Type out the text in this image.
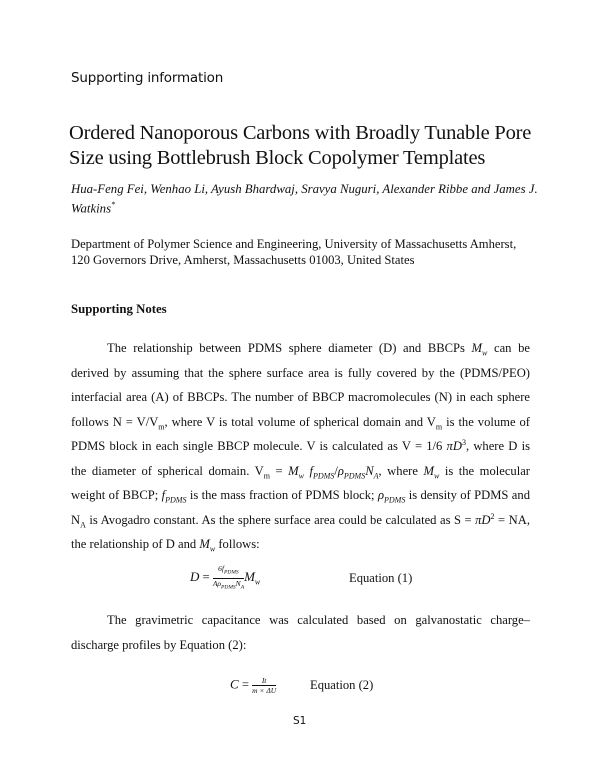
Supporting information

Ordered Nanoporous Carbons with Broadly Tunable Pore Size using Bottlebrush Block Copolymer Templates

Hua-Feng Fei, Wenhao Li, Ayush Bhardwaj, Sravya Nuguri, Alexander Ribbe and James J. Watkins*

Department of Polymer Science and Engineering, University of Massachusetts Amherst, 120 Governors Drive, Amherst, Massachusetts 01003, United States

Supporting Notes

The relationship between PDMS sphere diameter (D) and BBCPs $M_w$ can be derived by assuming that the sphere surface area is fully covered by the (PDMS/PEO) interfacial area (A) of BBCPs. The number of BBCP macromolecules (N) in each sphere follows $N = V/V_m$, where V is total volume of spherical domain and $V_m$ is the volume of PDMS block in each single BBCP molecule. V is calculated as V = 1/6 $\pi D^3$, where D is the diameter of spherical domain. $V_m = M_w$ $f_{PDMS}/\rho_{PDMS}N_A$, where $M_w$ is the molecular weight of BBCP; $f_{PDMS}$ is the mass fraction of PDMS block; $\rho_{PDMS}$ is density of PDMS and $N_A$ is Avogadro constant. As the sphere surface area could be calculated as $S = \pi D^2$ = NA, the relationship of D and $M_w$ follows:

$D = \frac{6f_{PDMS}}{A\rho_{PDMS}N_A} M_w$	Equation (1)

The gravimetric capacitance was calculated based on galvanostatic charge–discharge profiles by Equation (2):

$C = \frac{It}{m \times \Delta U}$	Equation (2)
S1
